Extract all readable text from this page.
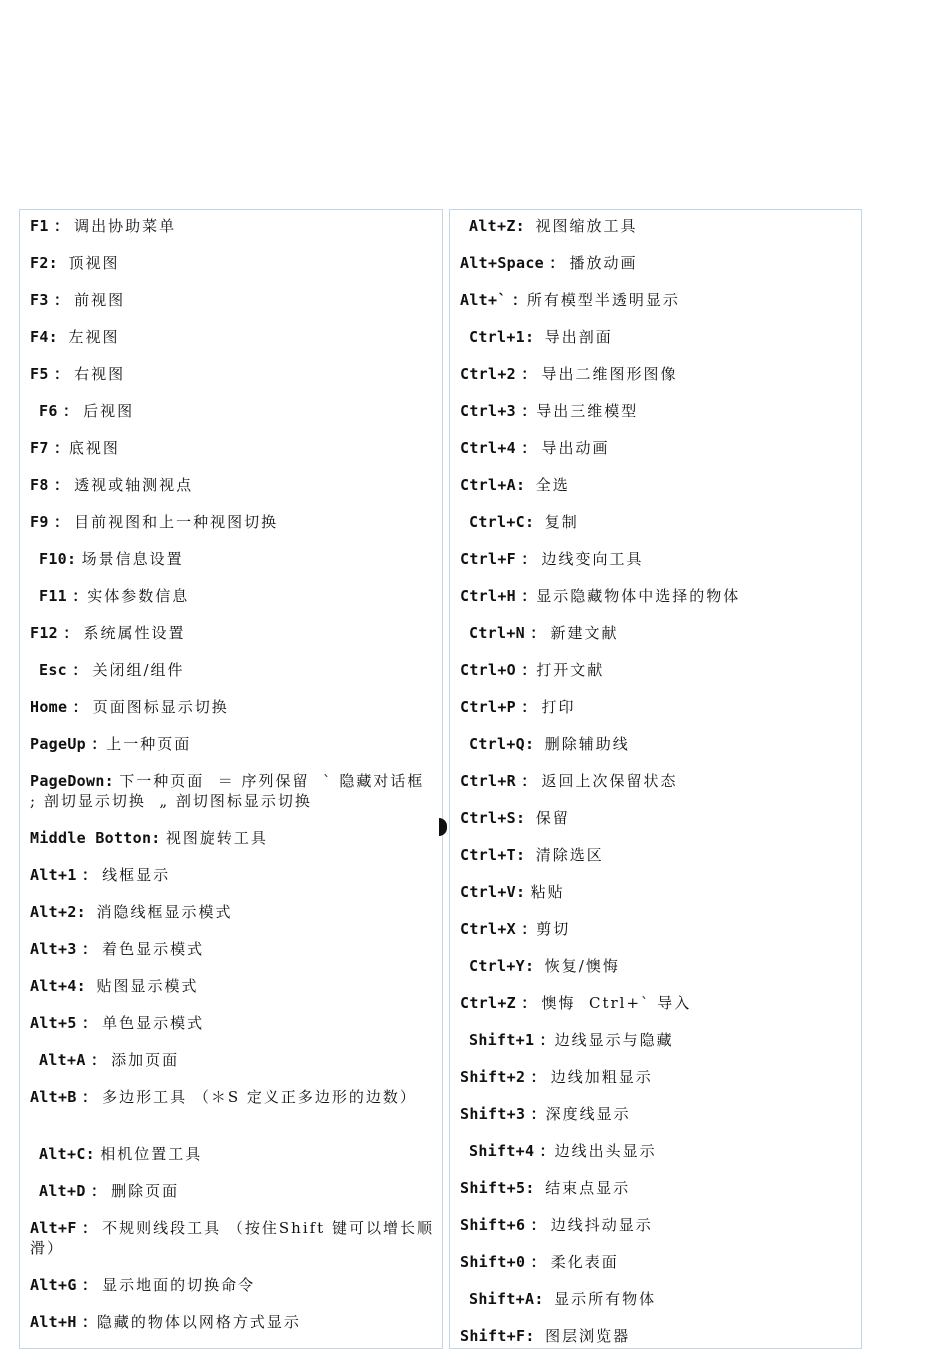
F1 ： 调出协助菜单
F2: 顶视图
F3 ： 前视图
F4: 左视图
F5 ： 右视图
F6 ： 后视图
F7 ：底视图
F8 ： 透视或轴测视点
F9 ： 目前视图和上一种视图切换
F10: 场景信息设置
F11 ：实体参数信息
F12 ： 系统属性设置
Esc ： 关闭组/组件
Home ： 页面图标显示切换
PageUp ：上一种页面
PageDown: 下一种页面  ＝ 序列保留  ` 隐藏对话框  ; 剖切显示切换  „ 剖切图标显示切换
Middle Botton: 视图旋转工具
Alt+1 ： 线框显示
Alt+2: 消隐线框显示模式
Alt+3 ： 着色显示模式
Alt+4: 贴图显示模式
Alt+5 ： 单色显示模式
Alt+A ： 添加页面
Alt+B ： 多边形工具 （＊S 定义正多边形的边数）
Alt+C: 相机位置工具
Alt+D ： 删除页面
Alt+F ： 不规则线段工具 （按住Shift 键可以增长顺滑）
Alt+G ： 显示地面的切换命令
Alt+H ：隐藏的物体以网格方式显示
Alt+Z: 视图缩放工具
Alt+Space ： 播放动画
Alt+` ：所有模型半透明显示
Ctrl+1: 导出剖面
Ctrl+2 ： 导出二维图形图像
Ctrl+3 ：导出三维模型
Ctrl+4 ： 导出动画
Ctrl+A: 全选
Ctrl+C: 复制
Ctrl+F ： 边线变向工具
Ctrl+H ：显示隐藏物体中选择的物体
Ctrl+N ： 新建文献
Ctrl+O ：打开文献
Ctrl+P ： 打印
Ctrl+Q: 删除辅助线
Ctrl+R ： 返回上次保留状态
Ctrl+S: 保留
Ctrl+T: 清除选区
Ctrl+V: 粘贴
Ctrl+X ：剪切
Ctrl+Y: 恢复/懊悔
Ctrl+Z ： 懊悔  Ctrl+` 导入
Shift+1 ：边线显示与隐藏
Shift+2 ： 边线加粗显示
Shift+3 ：深度线显示
Shift+4 ：边线出头显示
Shift+5: 结束点显示
Shift+6 ： 边线抖动显示
Shift+0 ： 柔化表面
Shift+A: 显示所有物体
Shift+F: 图层浏览器
